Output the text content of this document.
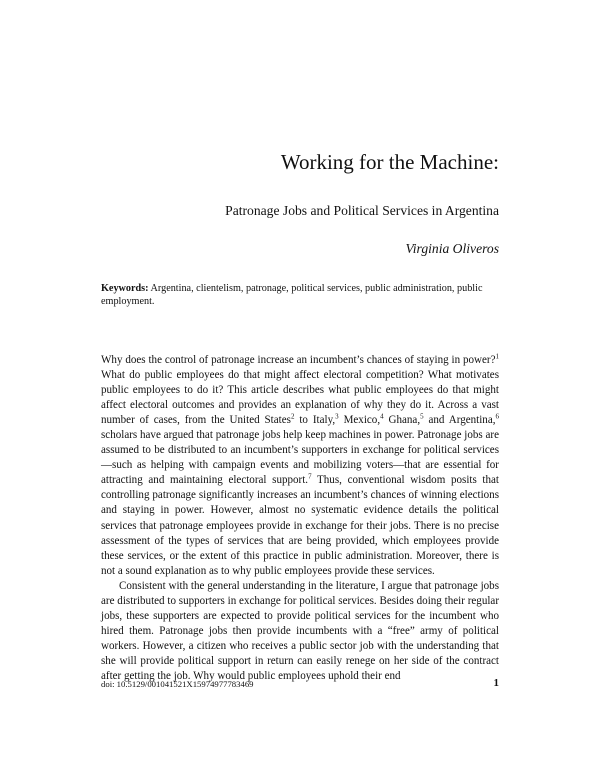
Working for the Machine:
Patronage Jobs and Political Services in Argentina
Virginia Oliveros
Keywords: Argentina, clientelism, patronage, political services, public administration, public employment.

Why does the control of patronage increase an incumbent’s chances of staying in power?$^1$ What do public employees do that might affect electoral competition? What motivates public employees to do it? This article describes what public employees do that might affect electoral outcomes and provides an explanation of why they do it. Across a vast number of cases, from the United States$^2$ to Italy,$^3$ Mexico,$^4$ Ghana,$^5$ and Argentina,$^6$ scholars have argued that patronage jobs help keep machines in power. Patronage jobs are assumed to be distributed to an incumbent’s supporters in exchange for political services—such as helping with campaign events and mobilizing voters—that are essential for attracting and maintaining electoral support.$^7$ Thus, conventional wisdom posits that controlling patronage significantly increases an incumbent’s chances of winning elections and staying in power. However, almost no systematic evidence details the political services that patronage employees provide in exchange for their jobs. There is no precise assessment of the types of services that are being provided, which employees provide these services, or the extent of this practice in public administration. Moreover, there is not a sound explanation as to why public employees provide these services.

Consistent with the general understanding in the literature, I argue that patronage jobs are distributed to supporters in exchange for political services. Besides doing their regular jobs, these supporters are expected to provide political services for the incumbent who hired them. Patronage jobs then provide incumbents with a “free” army of political workers. However, a citizen who receives a public sector job with the understanding that she will provide political support in return can easily renege on her side of the contract after getting the job. Why would public employees uphold their end

doi: 10.5129/001041521X15974977783469	1
